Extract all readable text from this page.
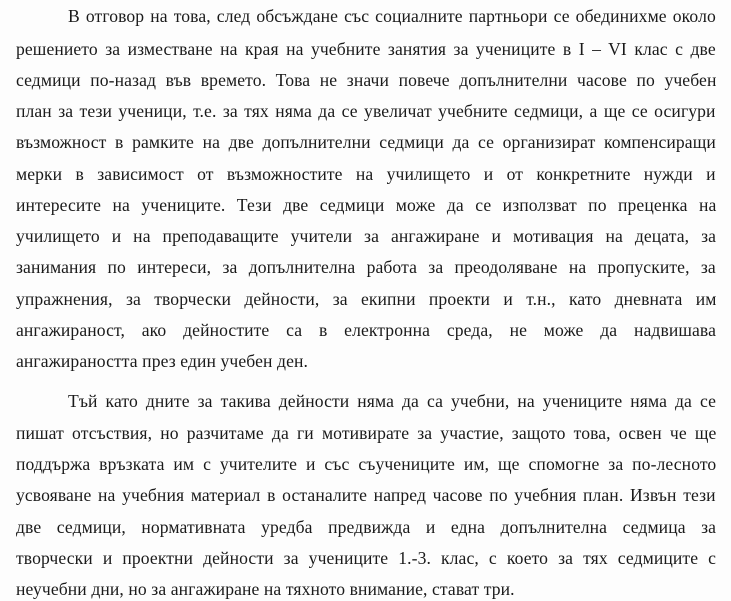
В отговор на това, след обсъждане със социалните партньори се обединихме около
решението за изместване на края на учебните занятия за учениците в I – VI клас с две
седмици по-назад във времето. Това не значи повече допълнителни часове по учебен
план за тези ученици, т.е. за тях няма да се увеличат учебните седмици, а ще се осигури
възможност в рамките на две допълнителни седмици да се организират компенсиращи
мерки в зависимост от възможностите на училището и от конкретните нужди и
интересите на учениците. Тези две седмици може да се използват по преценка на
училището и на преподаващите учители за ангажиране и мотивация на децата, за
занимания по интереси, за допълнителна работа за преодоляване на пропуските, за
упражнения, за творчески дейности, за екипни проекти и т.н., като дневната им
ангажираност, ако дейностите са в електронна среда, не може да надвишава
ангажираността през един учебен ден.
Тъй като дните за такива дейности няма да са учебни, на учениците няма да се
пишат отсъствия, но разчитаме да ги мотивирате за участие, защото това, освен че ще
поддържа връзката им с учителите и със съучениците им, ще спомогне за по-лесното
усвояване на учебния материал в останалите напред часове по учебния план. Извън тези
две седмици, нормативната уредба предвижда и една допълнителна седмица за
творчески и проектни дейности за учениците 1.-3. клас, с което за тях седмиците с
неучебни дни, но за ангажиране на тяхното внимание, стават три.
